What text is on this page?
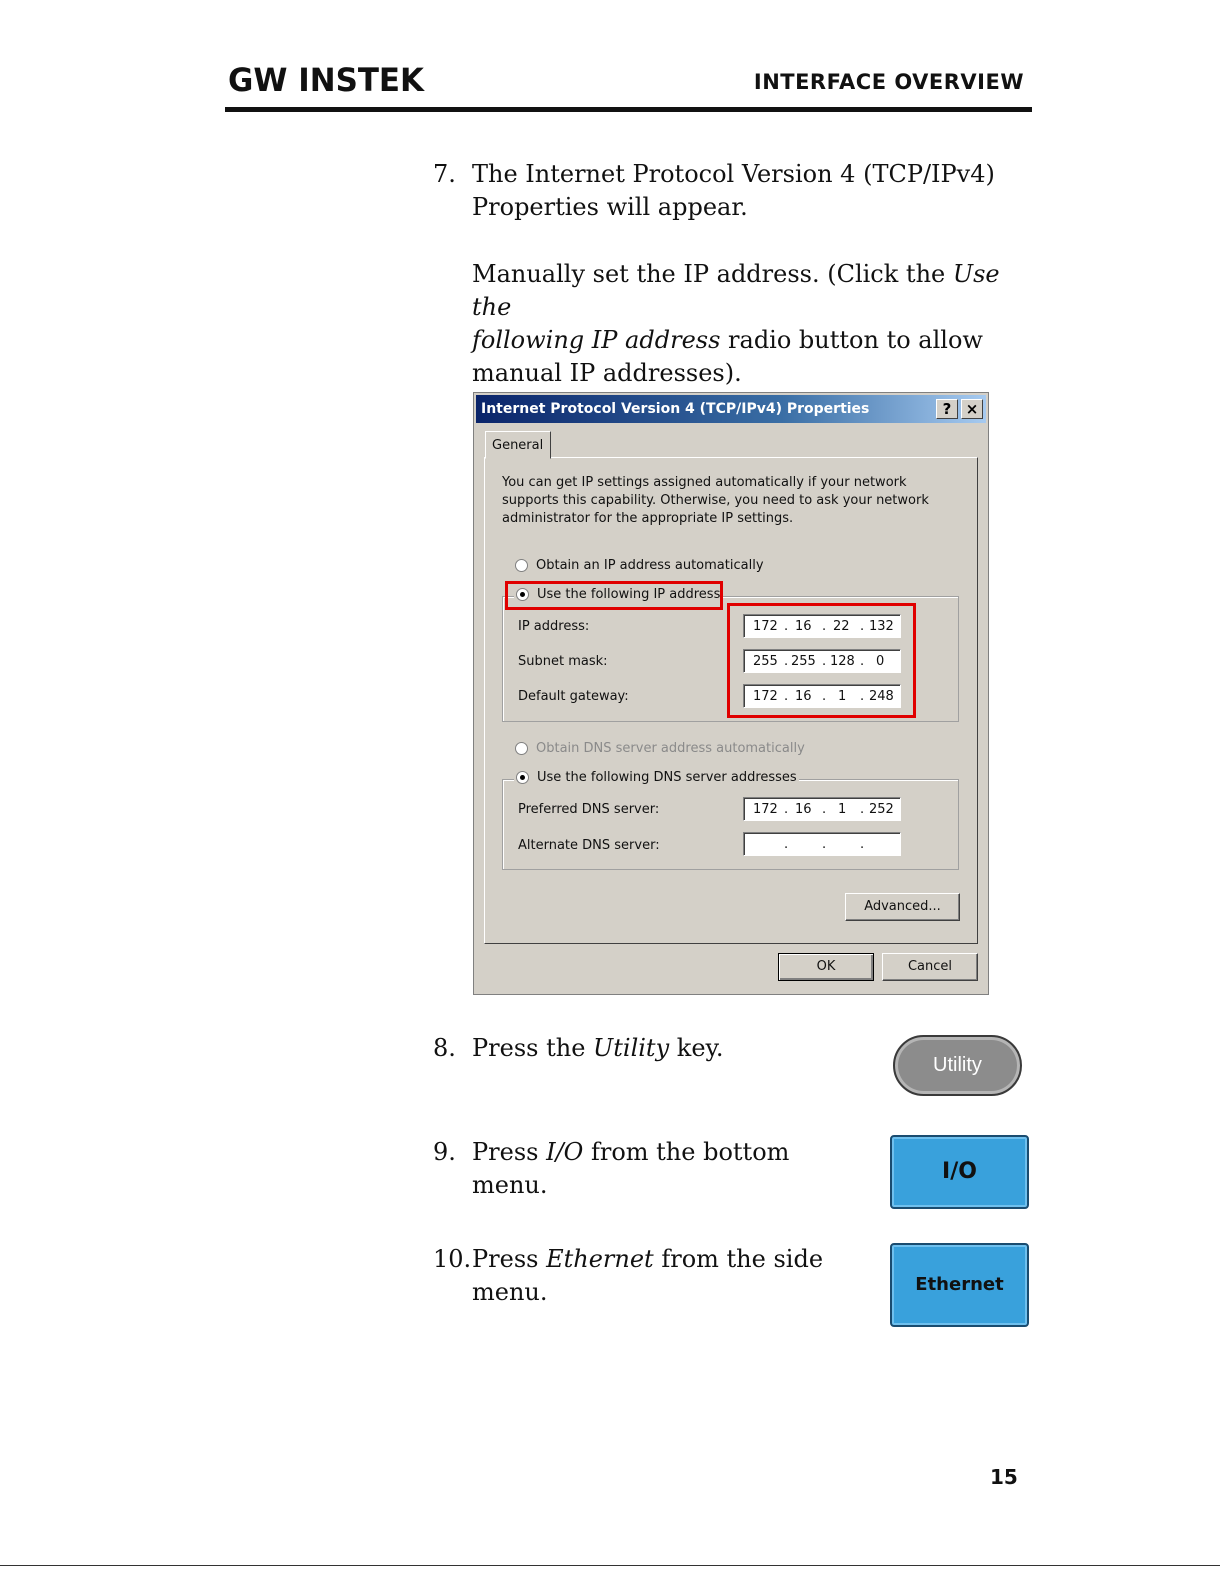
GW INSTEK	INTERFACE OVERVIEW
7. The Internet Protocol Version 4 (TCP/IPv4)
Properties will appear.
Manually set the IP address. (Click the Use the
following IP address radio button to allow
manual IP addresses).
Internet Protocol Version 4 (TCP/IPv4) Properties	? ×
General
You can get IP settings assigned automatically if your network
supports this capability. Otherwise, you need to ask your network
administrator for the appropriate IP settings.
Obtain an IP address automatically
Use the following IP address
IP address:	172 . 16 . 22 . 132
Subnet mask:	255 . 255 . 128 . 0
Default gateway:	172 . 16 . 1 . 248
Obtain DNS server address automatically
Use the following DNS server addresses
Preferred DNS server:	172 . 16 . 1 . 252
Alternate DNS server:	.	.	.
Advanced...
OK	Cancel
8. Press the Utility key.
Utility
9. Press I/O from the bottom menu.	I/O
10. Press Ethernet from the side menu.	Ethernet
15
